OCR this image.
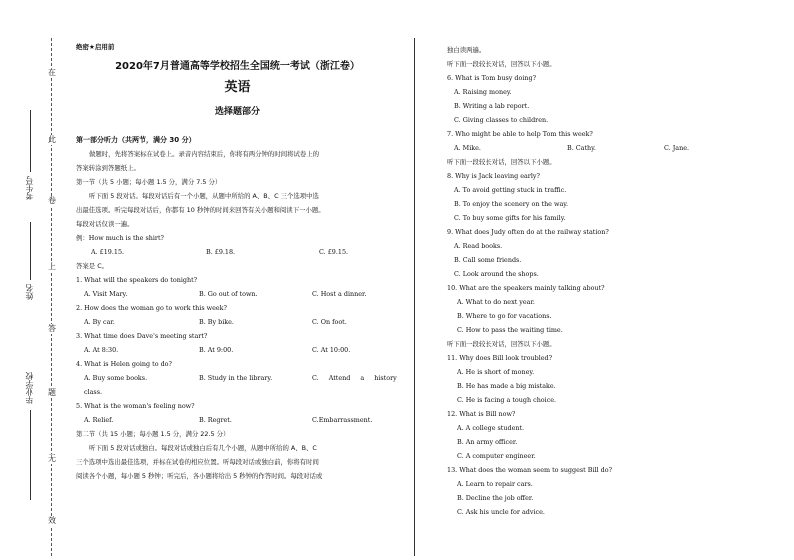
在
此
卷
上
答
题
无
效
考生号
姓名
毕业学校
绝密★启用前
2020年7月普通高等学校招生全国统一考试（浙江卷）
英语
选择题部分
第一部分听力（共两节，满分 30 分）
做题时，先将答案标在试卷上。录音内容结束后，你将有两分钟的时间将试卷上的
答案转涂到答题纸上。
第一节（共 5 小题；每小题 1.5 分，满分 7.5 分）
听下面 5 段对话。每段对话后有一个小题，从题中所给的 A、B、C 三个选项中选
出最佳选项。听完每段对话后，你都有 10 秒钟的时间来回答有关小题和阅读下一小题。
每段对话仅读一遍。
例：How much is the shirt?
A. £19.15.	B. £9.18.	C. £9.15.
答案是 C。
1. What will the speakers do tonight?
A. Visit Mary.	B. Go out of town.	C. Host a dinner.
2. How does the woman go to work this week?
A. By car.	B. By bike.	C. On foot.
3. What time does Dave's meeting start?
A. At 8:30.	B. At 9:00.	C. At 10:00.
4. What is Helen going to do?
A. Buy some books.	B. Study in the library.	C. Attend a history
class.
5. What is the woman's feeling now?
A. Relief.	B. Regret.	C.Embarrassment.
第二节（共 15 小题；每小题 1.5 分，满分 22.5 分）
听下面 5 段对话或独白。每段对话或独白后有几个小题，从题中所给的 A、B、C
三个选项中选出最佳选项，并标在试卷的相应位置。听每段对话或独白前，你将有时间
阅读各个小题，每小题 5 秒钟；听完后，各小题将给出 5 秒钟的作答时间。每段对话或
独白读两遍。
听下面一段较长对话，回答以下小题。
6. What is Tom busy doing?
A. Raising money.
B. Writing a lab report.
C. Giving classes to children.
7. Who might be able to help Tom this week?
A. Mike.	B. Cathy.	C. Jane.
听下面一段较长对话，回答以下小题。
8. Why is Jack leaving early?
A. To avoid getting stuck in traffic.
B. To enjoy the scenery on the way.
C. To buy some gifts for his family.
9. What does Judy often do at the railway station?
A. Read books.
B. Call some friends.
C. Look around the shops.
10. What are the speakers mainly talking about?
A. What to do next year.
B. Where to go for vacations.
C. How to pass the waiting time.
听下面一段较长对话，回答以下小题。
11. Why does Bill look troubled?
A. He is short of money.
B. He has made a big mistake.
C. He is facing a tough choice.
12. What is Bill now?
A. A college student.
B. An army officer.
C. A computer engineer.
13. What does the woman seem to suggest Bill do?
A. Learn to repair cars.
B. Decline the job offer.
C. Ask his uncle for advice.
